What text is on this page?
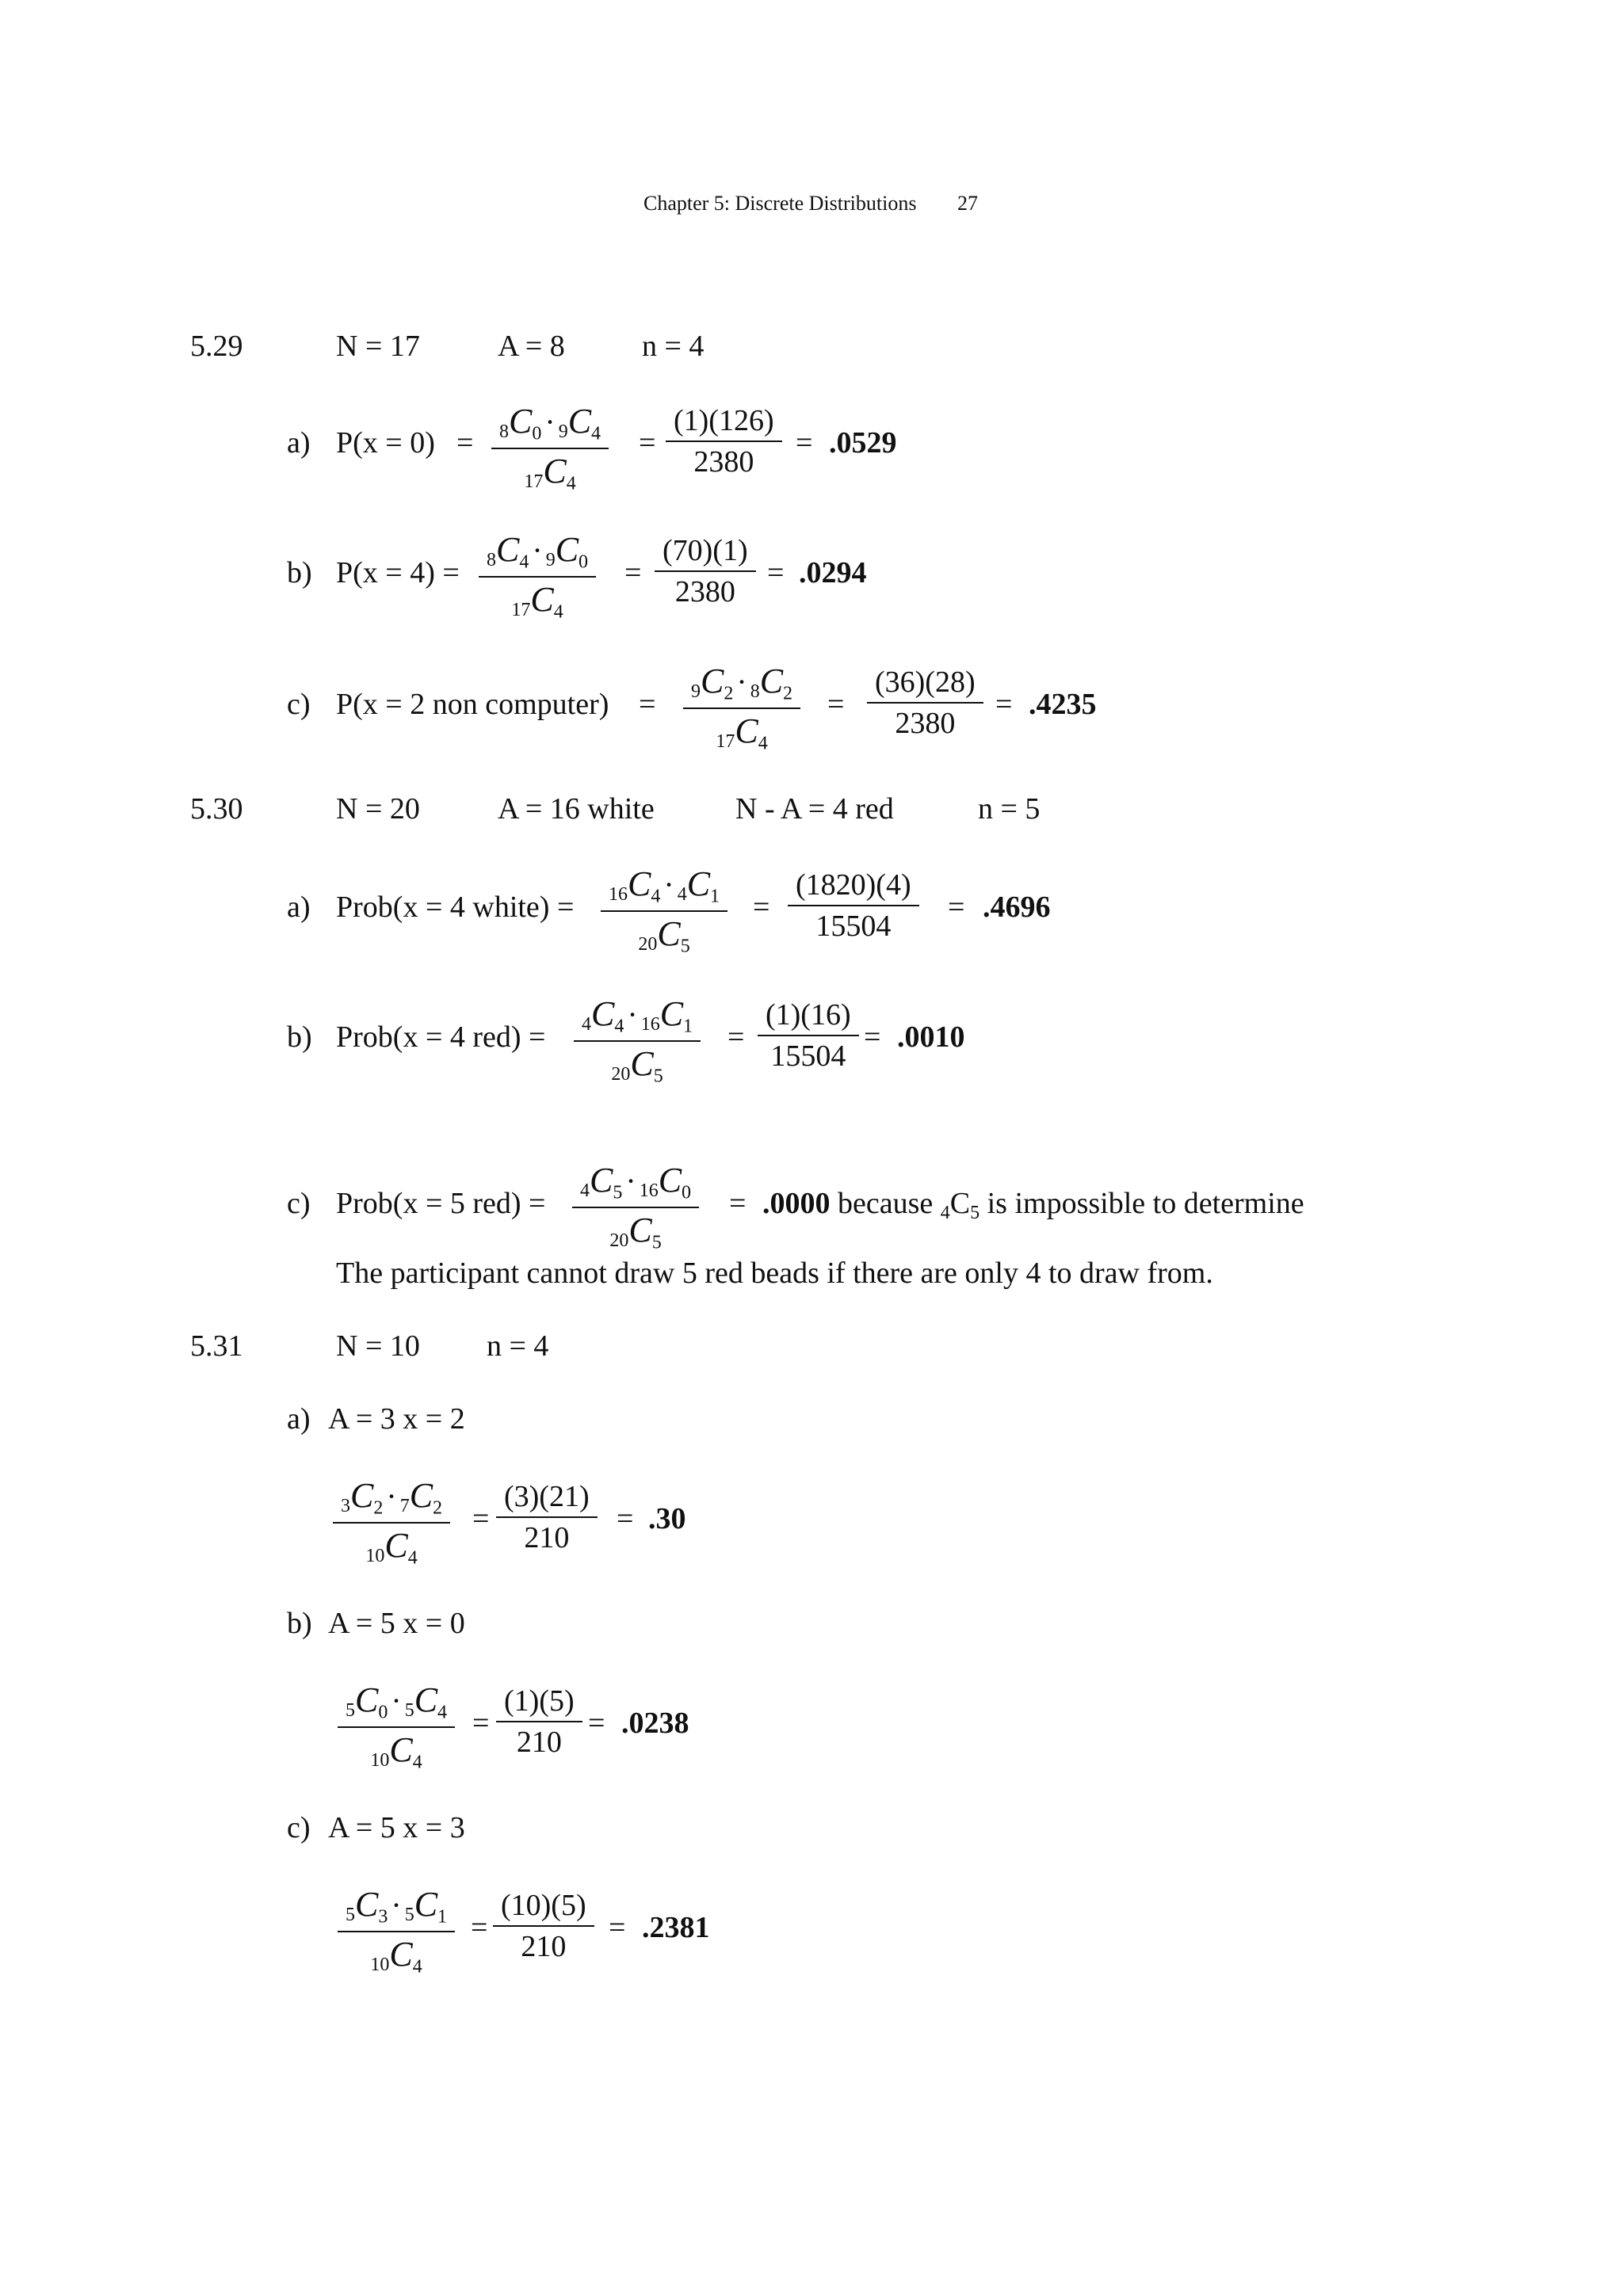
Chapter 5: Discrete Distributions 27
5.29	N = 17	A = 8	n = 4
a) $P(x = 0) = \frac{8C_0 \cdot 9C_4}{17C_4} = \frac{(1)(126)}{2380} = .0529$
b) $P(x = 4) = \frac{8C_4 \cdot 9C_0}{17C_4} = \frac{(70)(1)}{2380} = .0294$
c) P(x = 2 non computer) = $\frac{9C_2 \cdot 8C_2}{17C_4} = \frac{(36)(28)}{2380} = .4235$
5.30	N = 20	A = 16 white	N - A = 4 red	n = 5
a) Prob(x = 4 white) = $\frac{16C_4 \cdot 4C_1}{20C_5} = \frac{(1820)(4)}{15504} = .4696$
b) Prob(x = 4 $red) = \frac{4C_4 \cdot 16C_1}{20C_5} = \frac{(1)(16)}{15504} = .0010$
c) Prob(x = 5 $red) = \frac{4C_5 \cdot 16C_0}{20C_5} = .0000$ because $_4C_5$ is impossible to determine
The participant cannot draw 5 red beads if there are only 4 to draw from.
5.31	N = 10 n = 4
a) A = 3 x = 2
$\frac{3C_2 \cdot 7C_2}{10C_4} = \frac{(3)(21)}{210} = .30$
b) A = 5 x = 0
$\frac{5C_0 \cdot 5C_4}{10C_4} = \frac{(1)(5)}{210} = .0238$
c) A = 5 x = 3
$\frac{5C_3 \cdot 5C_1}{10C_4} = \frac{(10)(5)}{210} = .2381$
